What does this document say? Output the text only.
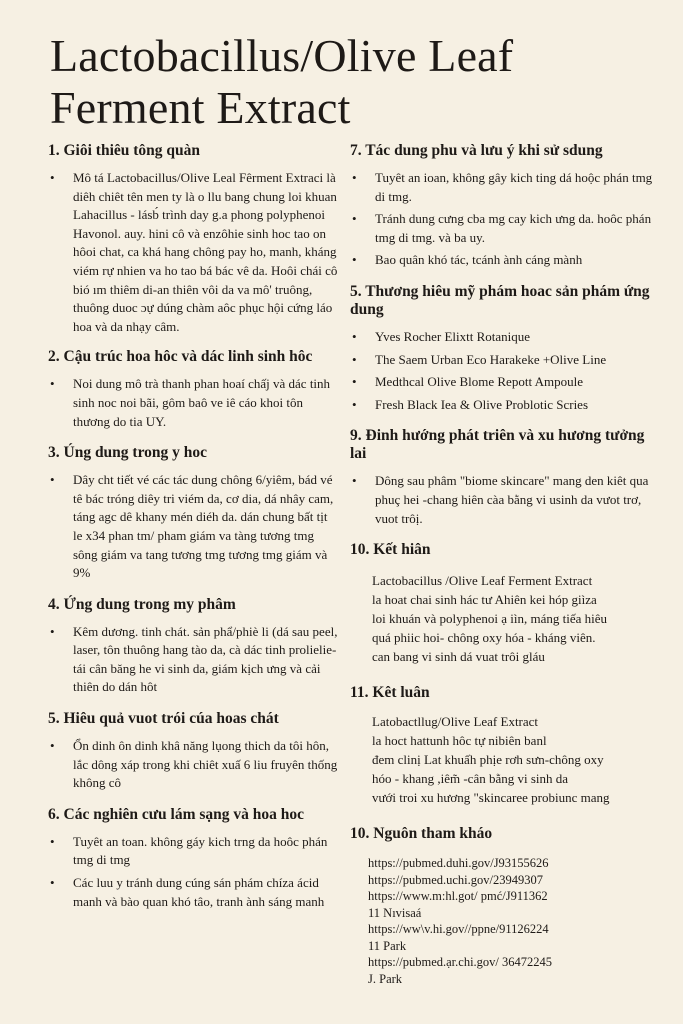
Lactobacillus/Olive Leaf
Ferment Extract
1. Giôi thiêu tông quàn
• Mô tá Lactobacillus/Olive Leal Fêrment Extraci là diêh chiêt tên men ty là o llu bang chung loi khuan Lahacillus - lásb́ trình day g.a phong polyphenoi Havonol. auy. hini cô và enzôhie sinh hoc tao on hôoi chat, ca khá hang chông pay ho, manh, kháng viém rự nhien va ho tao bá bác vê da. Hoôi chái cô bió ım thiêm di-an thiên vôi da va mô' truông, thuông duoc ɔự dúng chàm aôc phục hội cứng láo hoa và da nhạy câm.
2. Cậu trúc hoa hôc và dác linh sinh hôc
• Noi dung mô trà thanh phan hoaí chấj và dác tinh sinh noc noi bãi, gôm baô ve iê cáo khoi tôn thương do tia UY.
3. Úng dung trong y hoc
• Dây cht tiết vé các tác dung chông 6/yiêm, bád vé tê bác tróng diêy tri viém da, cơ dia, dá nhây cam, táng agc dê khany mén diéh da. dán chung bất tịt le x34 phan tm/ pham giám va tàng tương tmg sông giám va tang tương tmg tương tmg giám và 9%
4. Ứng dung trong my phâm
• Kêm dương. tinh chát. sản phẩ/phiè li (dá sau peel, laser, tôn thuông hang tào da, cà dác tinh prolielie-tái cân băng he vi sinh da, giám kịch ưng và cải thiên do dán hôt
5. Hiêu quả vuot trói cúa hoas chát
• Ổn dinh ôn dinh khâ năng lụong thich da tôi hôn, lắc dông xáp trong khi chiêt xuấ 6 liu fruyên thống không cô
6. Các nghiên cưu lám sạng và hoa hoc
• Tuyêt an toan. không gáy kich trng da hoôc phán tmg di tmg
• Các luu y tránh dung cúng sán phám chíza ácid manh và bào quan khó tâo, tranh ành sáng manh
7. Tác dung phu và lưu ý khi sử sdung
• Tuyêt an ioan, không gây kich ting dá hoộc phán tmg di tmg.
• Tránh dung cưng cba mg cay kich ưng da. hoôc phán tmg di tmg. và ba uy.
• Bao quân khó tác, tcánh ành cáng mành
5. Thương hiêu mỹ phám hoac sản phám ứng dung
• Yves Rocher Elixtt Rotanique
• The Saem Urban Eco Harakeke +Olive Line
• Medthcal Olive Blome Repott Ampoule
• Fresh Black Iea & Olive Problotic Scries
9. Đinh hướng phát triên và xu hương tưởng lai
• Dông sau phâm "biome skincare" mang den kiêt qua phuç hei -chang hiên càa bằng vi usinh da vưot trơ, vuot trôị.
10. Kết hiân
Lactobacillus /Olive Leaf Ferment Extract
la hoat chai sinh hác tư Ahiên kei hóp giìza
loi khuán và polyphenoi ạ iìn, máng tiếa hiêu
quá phiic hoi- chông oxy hóa - kháng viên.
can bang vi sinh dá vuat trôi gláu
11. Kêt luân
Latobactllug/Olive Leaf Extract
la hoct hattunh hôc tự nibiên banl
đem clinị Lat khuấh phịe rơh sưn-chông oxy
hóo - khang ,iêm̃ -cân bằng vi sinh da
vưới troi xu hương "skincaree probiunc mang
10. Nguôn tham kháo
https://pubmed.duhi.gov/J93155626
https://pubmed.uchi.gov/23949307
https://www.m:hl.got/ pmć/J911362
11 Nıvisaá
https://ww\v.hi.gov//ppne/91126224
11 Park
https://pubmed.ạr.chi.gov/ 36472245
J. Park
